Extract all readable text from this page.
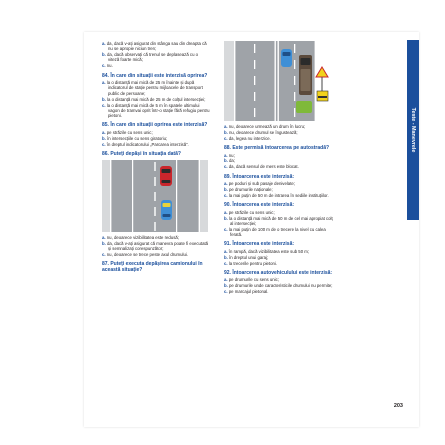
Teste - Manevrele
a. da, dacă v-ați asigurat din stânga sau din dreapta că nu se apropie niciun tren;
b. da, dacă observați că trenul se deplasează cu o viteză foarte mică;
c. nu.
84. În care din situații este interzisă oprirea?
a. la o distanță mai mică de 25 m înainte și după indicatorul de stație pentru mijloacele de transport public de persoane;
b. la o distanță mai mică de 25 m de colțul intersecției;
c. la o distanță mai mică de 5 m în spatele ultimului vagon de tramvai oprit într-o stație fără refugiu pentru pietoni.
85. În care din situații oprirea este interzisă?
a. pe străzile cu sens unic;
b. în intersecțiile cu sens giratoriu;
c. în dreptul indicatorului „Parcarea interzisă”.
86. Puteți depăși în situația dată?
a. nu, deoarece vizibilitatea este redusă;
b. da, dacă v-ați asigurat că manevra poate fi executată și semnalizați corespunzător;
c. nu, deoarece se trece peste axul drumului.
87. Puteți executa depășirea camionului în această situație?
a. nu, deoarece urmează un drum în lucru;
b. nu, deoarece drumul se îngustează;
c. da, legea nu interzice.
88. Este permisă întoarcerea pe autostradă?
a. nu;
b. da;
c. da, dacă sensul de mers este blocat.
89. Întoarcerea este interzisă:
a. pe poduri și sub pasaje denivelate;
b. pe drumurile naționale;
c. la mai puțin de 50 m de intrarea în sediile instituțiilor.
90. Întoarcerea este interzisă:
a. pe străzile cu sens unic;
b. la o distanță mai mică de 50 m de cel mai apropiat colț al intersecției;
c. la mai puțin de 100 m de o trecere la nivel cu calea ferată.
91. Întoarcerea este interzisă:
a. în rampă, dacă vizibilitatea este sub 50 m;
b. în dreptul unui garaj;
c. la trecerile pentru pietoni.
92. Întoarcerea autovehiculului este interzisă:
a. pe drumurile cu sens unic;
b. pe drumurile unde caracteristicile drumului nu permite;
c. pe marcajul pietonal.
203
